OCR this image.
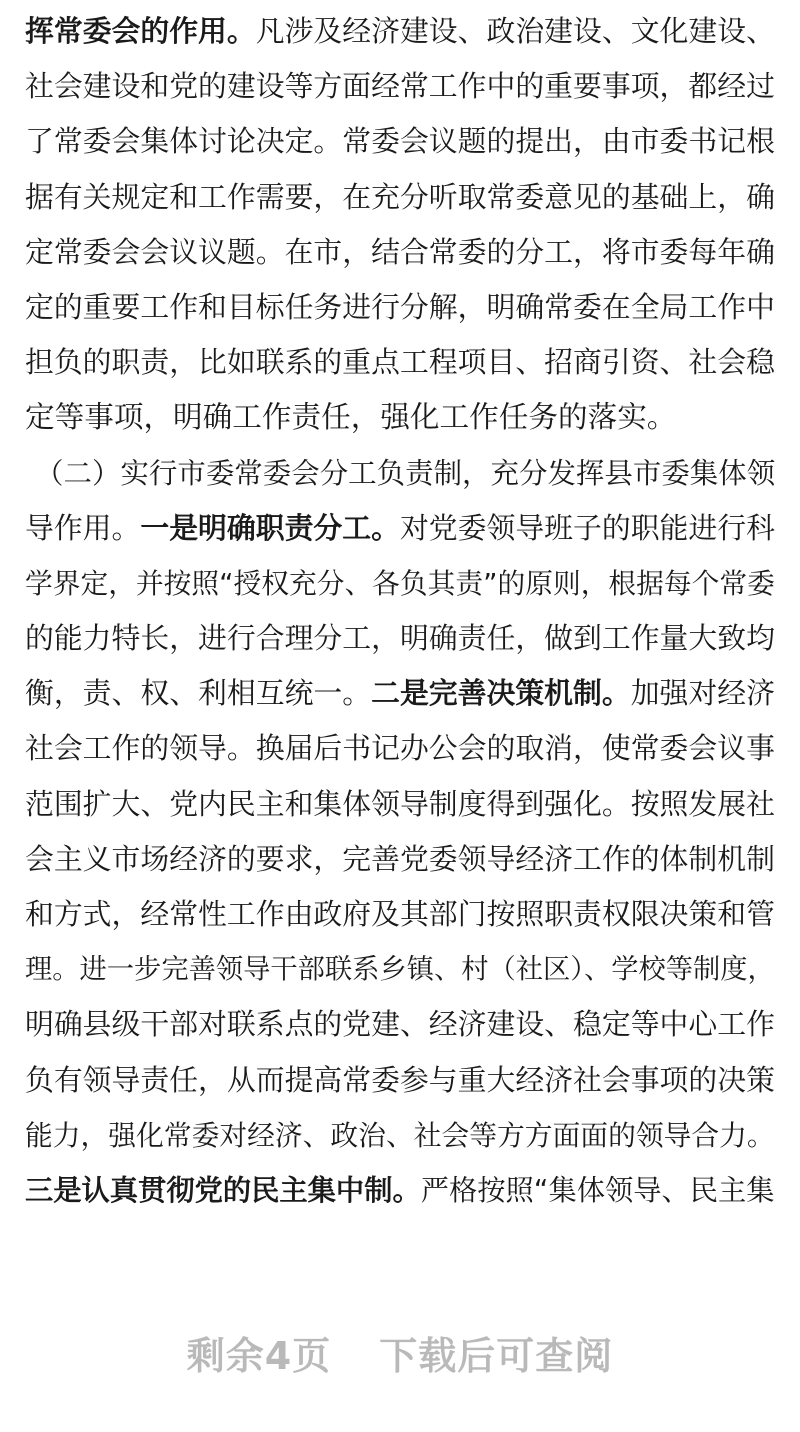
挥常委会的作用。凡涉及经济建设、政治建设、文化建设、
社会建设和党的建设等方面经常工作中的重要事项，都经过
了常委会集体讨论决定。常委会议题的提出，由市委书记根
据有关规定和工作需要，在充分听取常委意见的基础上，确
定常委会会议议题。在市，结合常委的分工，将市委每年确
定的重要工作和目标任务进行分解，明确常委在全局工作中
担负的职责，比如联系的重点工程项目、招商引资、社会稳
定等事项，明确工作责任，强化工作任务的落实。
（二）实行市委常委会分工负责制，充分发挥县市委集体领
导作用。一是明确职责分工。对党委领导班子的职能进行科
学界定，并按照“授权充分、各负其责”的原则，根据每个常委
的能力特长，进行合理分工，明确责任，做到工作量大致均
衡，责、权、利相互统一。二是完善决策机制。加强对经济
社会工作的领导。换届后书记办公会的取消，使常委会议事
范围扩大、党内民主和集体领导制度得到强化。按照发展社
会主义市场经济的要求，完善党委领导经济工作的体制机制
和方式，经常性工作由政府及其部门按照职责权限决策和管
理。进一步完善领导干部联系乡镇、村（社区）、学校等制度，
明确县级干部对联系点的党建、经济建设、稳定等中心工作
负有领导责任，从而提高常委参与重大经济社会事项的决策
能力，强化常委对经济、政治、社会等方方面面的领导合力。
三是认真贯彻党的民主集中制。严格按照“集体领导、民主集
剩余4页 下载后可查阅
